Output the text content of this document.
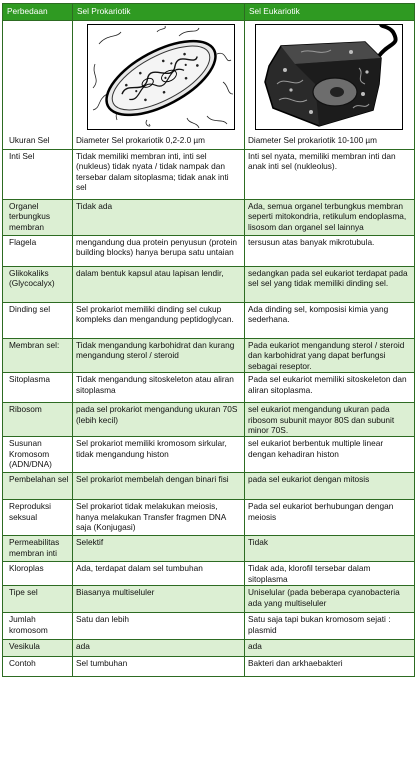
Perbedaan	Sel Prokariotik	Sel Eukariotik

Ukuran Sel	Diameter Sel prokariotik 0,2-2.0 µm	Diameter Sel prokariotik 10-100 µm

Inti Sel	Tidak memiliki membran inti, inti sel (nukleus) tidak nyata / tidak nampak dan tersebar dalam sitoplasma; tidak anak inti sel	Inti sel nyata, memiliki membran inti dan anak inti sel (nukleolus).
Organel terbungkus membran	Tidak ada	Ada, semua organel terbungkus membran seperti mitokondria, retikulum endoplasma, lisosom dan organel sel lainnya
Flagela	mengandung dua protein penyusun (protein building blocks) hanya berupa satu untaian	tersusun atas banyak mikrotubula.
Glikokaliks (Glycocalyx)	dalam bentuk kapsul atau lapisan lendir,	sedangkan pada sel eukariot terdapat pada sel sel yang tidak memiliki dinding sel.
Dinding sel	Sel prokariot memiliki dinding sel cukup kompleks dan mengandung peptidoglycan.	Ada dinding sel, komposisi kimia yang sederhana.
Membran sel:	Tidak mengandung karbohidrat dan kurang mengandung sterol / steroid	Pada eukariot mengandung sterol / steroid dan karbohidrat yang dapat berfungsi sebagai reseptor.
Sitoplasma	Tidak mengandung sitoskeleton atau aliran sitoplasma	Pada sel eukariot memiliki sitoskeleton dan aliran sitoplasma.
Ribosom	pada sel prokariot mengandung ukuran 70S (lebih kecil)	sel eukariot mengandung ukuran pada ribosom subunit mayor 80S dan subunit minor 70S.
Susunan Kromosom (ADN/DNA)	Sel prokariot memiliki kromosom sirkular, tidak mengandung histon	sel eukariot berbentuk multiple linear dengan kehadiran histon
Pembelahan sel	Sel prokariot membelah dengan binari fisi	pada sel eukariot dengan mitosis
Reproduksi seksual	Sel prokariot tidak melakukan meiosis, hanya melakukan Transfer fragmen DNA saja (Konjugasi)	Pada sel eukariot berhubungan dengan meiosis
Permeabilitas membran inti	Selektif	Tidak
Kloroplas	Ada, terdapat dalam sel tumbuhan	Tidak ada, klorofil tersebar dalam sitoplasma
Tipe sel	Biasanya multiseluler	Uniselular (pada beberapa cyanobacteria ada yang multiseluler
Jumlah kromosom	Satu dan lebih	Satu saja tapi bukan kromosom sejati : plasmid
Vesikula	ada	ada
Contoh	Sel tumbuhan	Bakteri dan arkhaebakteri
